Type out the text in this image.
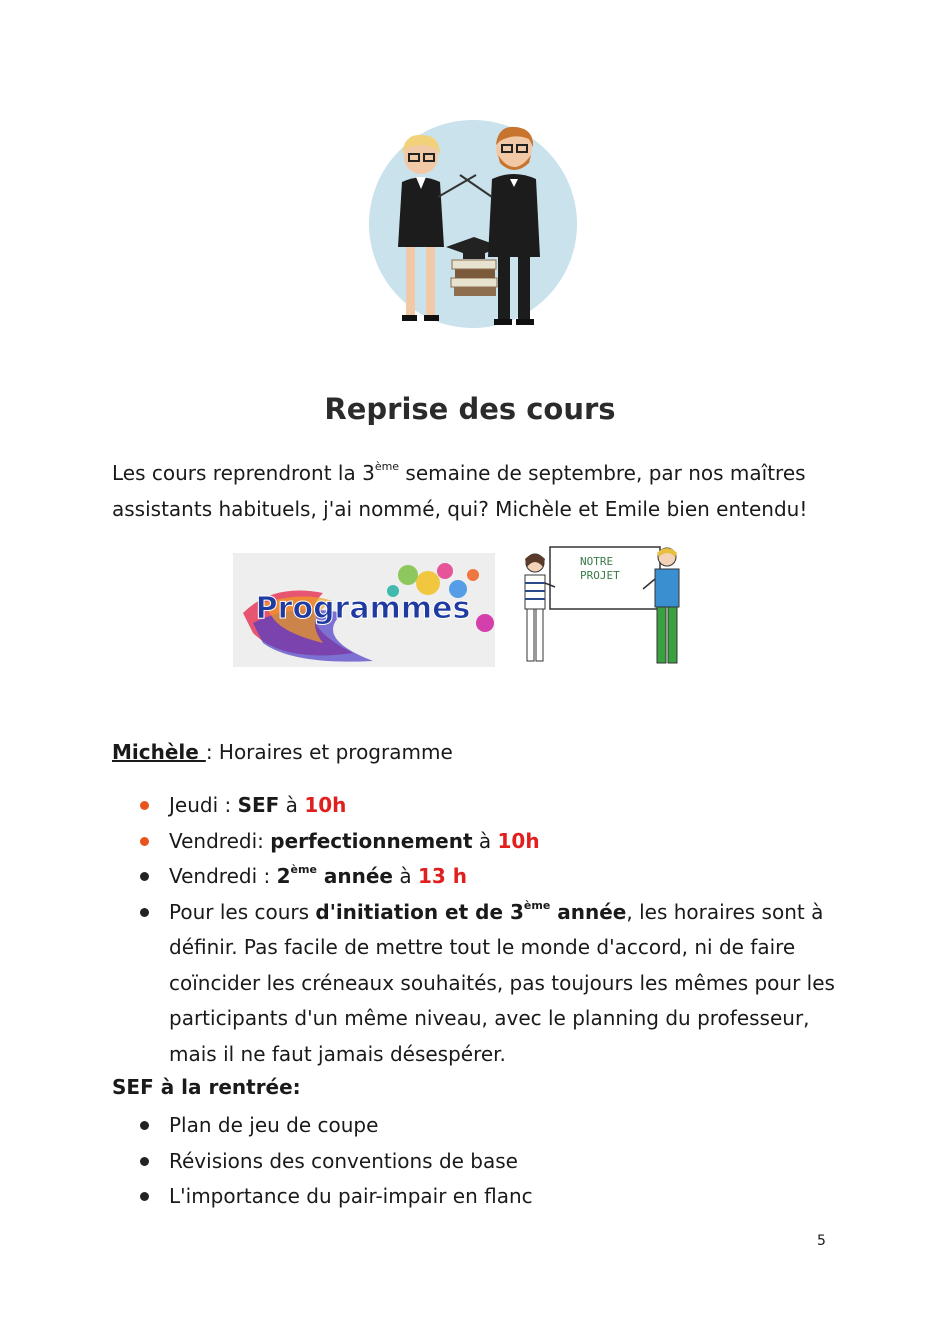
Reprise des cours

Les cours reprendront la 3ème semaine de septembre, par nos maîtres

assistants habituels, j'ai nommé, qui? Michèle et Emile bien entendu!

Programmes
NOTRE
PROJET
Michèle : Horaires et programme
Jeudi : SEF à 10h
Vendredi: perfectionnement à 10h
Vendredi : 2ème année à 13 h
Pour les cours d'initiation et de 3ème année, les horaires sont à définir. Pas facile de mettre tout le monde d'accord, ni de faire coïncider les créneaux souhaités, pas toujours les mêmes pour les participants d'un même niveau, avec le planning du professeur, mais il ne faut jamais désespérer.
SEF à la rentrée:
Plan de jeu de coupe
Révisions des conventions de base
L'importance du pair-impair en flanc
5
